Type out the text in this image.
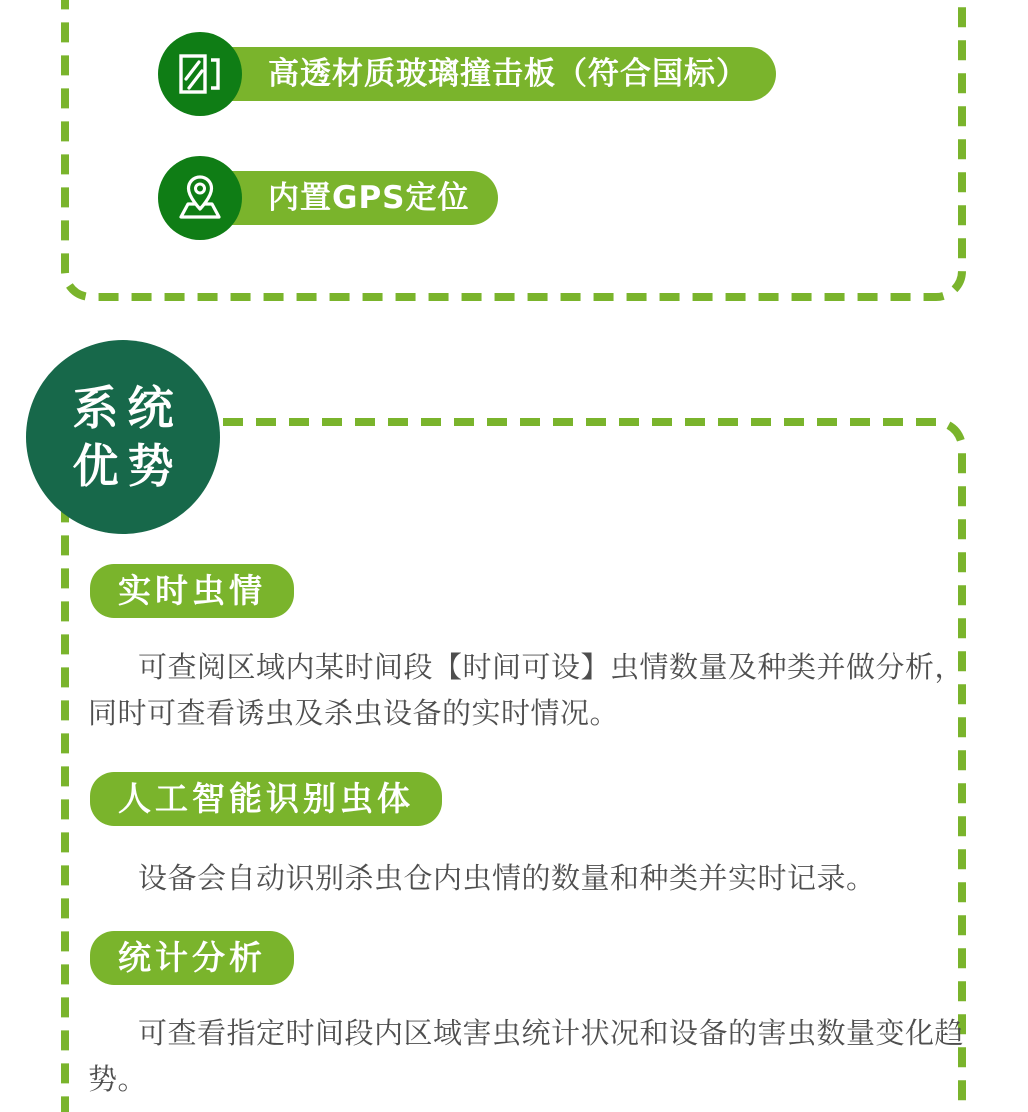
高透材质玻璃撞击板（符合国标）
内置GPS定位
系统
优势
实时虫情
可查阅区域内某时间段【时间可设】虫情数量及种类并做分析，
同时可查看诱虫及杀虫设备的实时情况。
人工智能识别虫体
设备会自动识别杀虫仓内虫情的数量和种类并实时记录。
统计分析
可查看指定时间段内区域害虫统计状况和设备的害虫数量变化趋
势。
